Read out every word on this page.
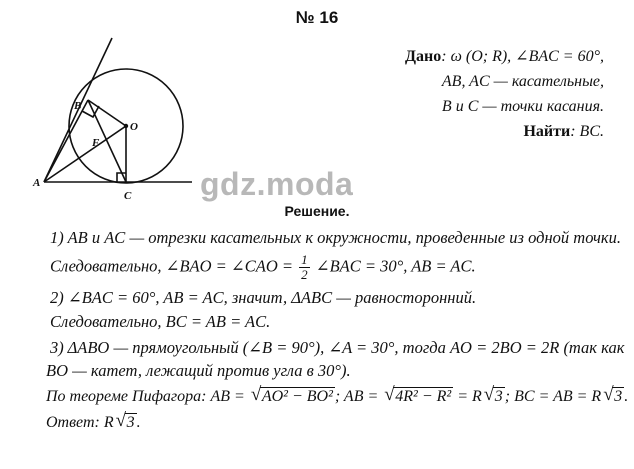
№ 16
Дано: ω (O; R), ∠BAC = 60°,
AB, AC — касательные,
B и C — точки касания.
Найти: BC.
A
B
C
O
F
gdz.moda
Решение.
1) AB и AC — отрезки касательных к окружности, проведенные из одной точки.
Следовательно, ∠BAO = ∠CAO = $\frac{1}{2}$ ∠BAC = 30°, AB = AC.
2) ∠BAC = 60°, AB = AC, значит, ΔABC — равносторонний.
Следовательно, BC = AB = AC.
3) ΔABO — прямоугольный (∠B = 90°), ∠A = 30°, тогда AO = 2BO = 2R (так как
BO — катет, лежащий против угла в 30°).
По теореме Пифагора: AB = √ AO² − BO² ; AB = √ 4R² − R² = R √ 3 ; BC = AB = R √ 3 .
Ответ: R √ 3 .
